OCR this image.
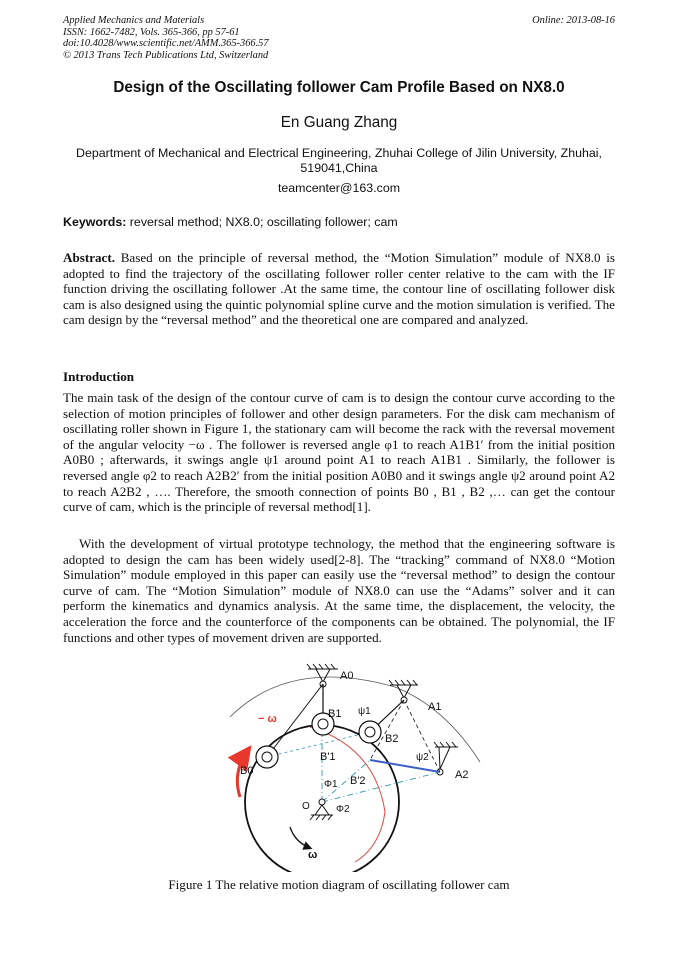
Applied Mechanics and Materials
ISSN: 1662-7482, Vols. 365-366, pp 57-61
doi:10.4028/www.scientific.net/AMM.365-366.57
© 2013 Trans Tech Publications Ltd, Switzerland
Online: 2013-08-16
Design of the Oscillating follower Cam Profile Based on NX8.0
En Guang Zhang
Department of Mechanical and Electrical Engineering, Zhuhai College of Jilin University, Zhuhai, 519041,China
teamcenter@163.com
Keywords: reversal method; NX8.0; oscillating follower; cam
Abstract. Based on the principle of reversal method, the “Motion Simulation” module of NX8.0 is adopted to find the trajectory of the oscillating follower roller center relative to the cam with the IF function driving the oscillating follower .At the same time, the contour line of oscillating follower disk cam is also designed using the quintic polynomial spline curve and the motion simulation is verified. The cam design by the “reversal method” and the theoretical one are compared and analyzed.
Introduction
The main task of the design of the contour curve of cam is to design the contour curve according to the selection of motion principles of follower and other design parameters. For the disk cam mechanism of oscillating roller shown in Figure 1, the stationary cam will become the rack with the reversal movement of the angular velocity −ω . The follower is reversed angle φ1 to reach A1B1′ from the initial position A0B0 ; afterwards, it swings angle ψ1 around point A1 to reach A1B1 . Similarly, the follower is reversed angle φ2 to reach A2B2′ from the initial position A0B0 and it swings angle ψ2 around point A2 to reach A2B2 , …. Therefore, the smooth connection of points B0 , B1 , B2 ,… can get the contour curve of cam, which is the principle of reversal method[1].
With the development of virtual prototype technology, the method that the engineering software is adopted to design the cam has been widely used[2-8]. The “tracking” command of NX8.0 “Motion Simulation” module employed in this paper can easily use the “reversal method” to design the contour curve of cam. The “Motion Simulation” module of NX8.0 can use the “Adams” solver and it can perform the kinematics and dynamics analysis. At the same time, the displacement, the velocity, the acceleration the force and the counterforce of the components can be obtained. The polynomial, the IF functions and other types of movement driven are supported.
A0
A1
A2
B0
B1
B2
B'1
B'2
ψ1
ψ2
Φ1
Φ2
O
− ω
ω
Figure 1 The relative motion diagram of oscillating follower cam
